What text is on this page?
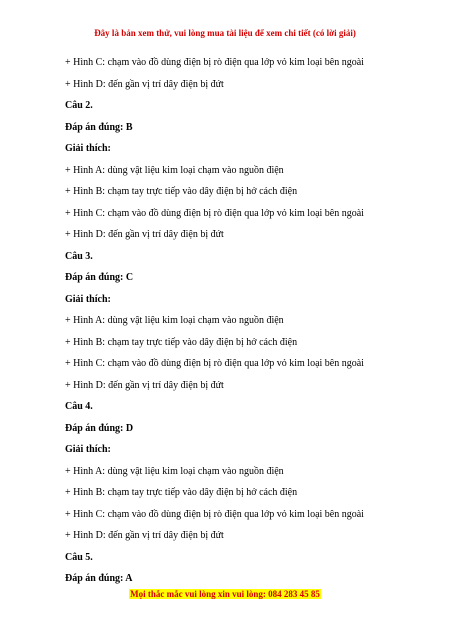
Đây là bản xem thử, vui lòng mua tài liệu để xem chi tiết (có lời giải)
+ Hình C: chạm vào đồ dùng điện bị rò điện qua lớp vỏ kim loại bên ngoài
+ Hình D: đến gần vị trí dây điện bị đứt
Câu 2.
Đáp án đúng: B
Giải thích:
+ Hình A: dùng vật liệu kim loại chạm vào nguồn điện
+ Hình B: chạm tay trực tiếp vào dây điện bị hở cách điện
+ Hình C: chạm vào đồ dùng điện bị rò điện qua lớp vỏ kim loại bên ngoài
+ Hình D: đến gần vị trí dây điện bị đứt
Câu 3.
Đáp án đúng: C
Giải thích:
+ Hình A: dùng vật liệu kim loại chạm vào nguồn điện
+ Hình B: chạm tay trực tiếp vào dây điện bị hở cách điện
+ Hình C: chạm vào đồ dùng điện bị rò điện qua lớp vỏ kim loại bên ngoài
+ Hình D: đến gần vị trí dây điện bị đứt
Câu 4.
Đáp án đúng: D
Giải thích:
+ Hình A: dùng vật liệu kim loại chạm vào nguồn điện
+ Hình B: chạm tay trực tiếp vào dây điện bị hở cách điện
+ Hình C: chạm vào đồ dùng điện bị rò điện qua lớp vỏ kim loại bên ngoài
+ Hình D: đến gần vị trí dây điện bị đứt
Câu 5.
Đáp án đúng: A
Mọi thắc mắc vui lòng xin vui lòng: 084 283 45 85
